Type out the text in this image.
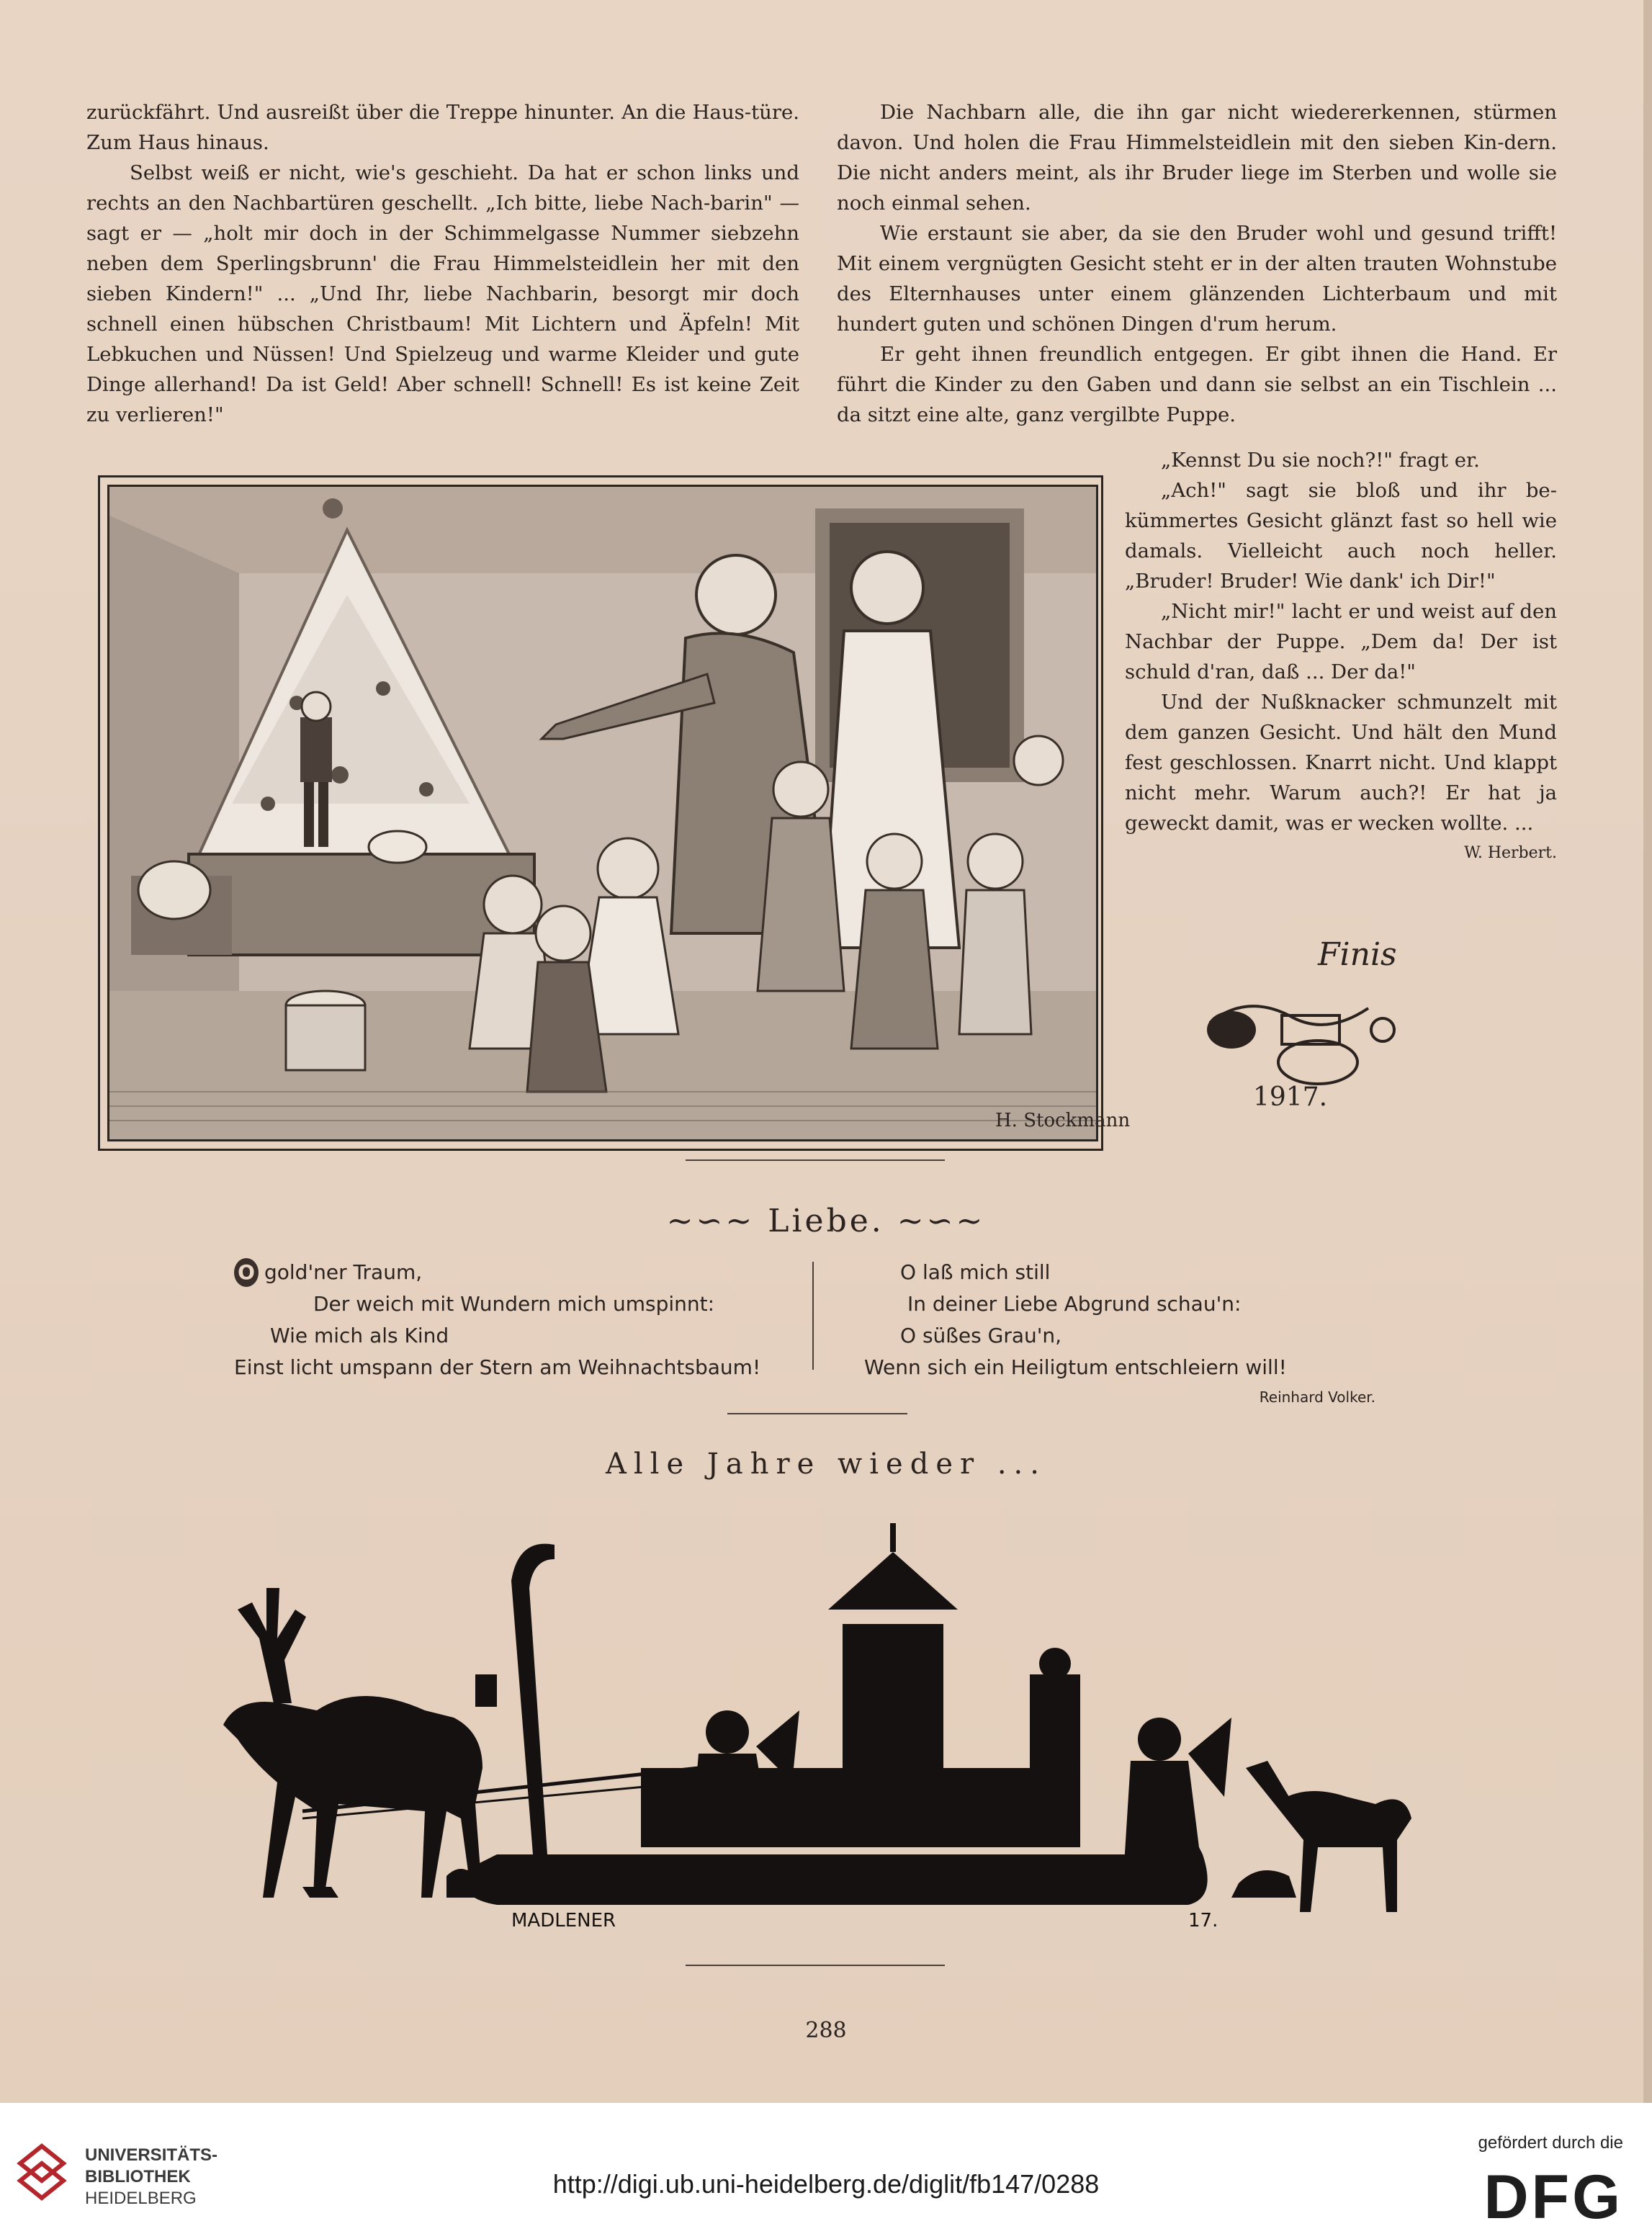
zurückfährt. Und ausreißt über die Treppe hinunter. An die Haus-türe. Zum Haus hinaus.

Selbst weiß er nicht, wie's geschieht. Da hat er schon links und rechts an den Nachbartüren geschellt. „Ich bitte, liebe Nach-barin" — sagt er — „holt mir doch in der Schimmelgasse Nummer siebzehn neben dem Sperlingsbrunn' die Frau Himmelsteidlein her mit den sieben Kindern!" ... „Und Ihr, liebe Nachbarin, besorgt mir doch schnell einen hübschen Christbaum! Mit Lichtern und Äpfeln! Mit Lebkuchen und Nüssen! Und Spielzeug und warme Kleider und gute Dinge allerhand! Da ist Geld! Aber schnell! Schnell! Es ist keine Zeit zu verlieren!"

Die Nachbarn alle, die ihn gar nicht wiedererkennen, stürmen davon. Und holen die Frau Himmelsteidlein mit den sieben Kin-dern. Die nicht anders meint, als ihr Bruder liege im Sterben und wolle sie noch einmal sehen.

Wie erstaunt sie aber, da sie den Bruder wohl und gesund trifft! Mit einem vergnügten Gesicht steht er in der alten trauten Wohnstube des Elternhauses unter einem glänzenden Lichterbaum und mit hundert guten und schönen Dingen d'rum herum.

Er geht ihnen freundlich entgegen. Er gibt ihnen die Hand. Er führt die Kinder zu den Gaben und dann sie selbst an ein Tischlein ... da sitzt eine alte, ganz vergilbte Puppe.

H. Stockmann

„Kennst Du sie noch?!" fragt er.

„Ach!" sagt sie bloß und ihr be-kümmertes Gesicht glänzt fast so hell wie damals. Vielleicht auch noch heller. „Bruder! Bruder! Wie dank' ich Dir!"

„Nicht mir!" lacht er und weist auf den Nachbar der Puppe. „Dem da! Der ist schuld d'ran, daß ... Der da!"

Und der Nußknacker schmunzelt mit dem ganzen Gesicht. Und hält den Mund fest geschlossen. Knarrt nicht. Und klappt nicht mehr. Warum auch?! Er hat ja geweckt damit, was er wecken wollte. ...

W. Herbert.
Finis
1917.
~∽~ Liebe. ~∽~
O gold'ner Traum,
Der weich mit Wundern mich umspinnt:
Wie mich als Kind
Einst licht umspann der Stern am Weihnachtsbaum!
O laß mich still
In deiner Liebe Abgrund schau'n:
O süßes Grau'n,
Wenn sich ein Heiligtum entschleiern will!
Reinhard Volker.
Alle Jahre wieder ...
MADLENER	17.
288
UNIVERSITÄTS-
BIBLIOTHEK
HEIDELBERG	http://digi.ub.uni-heidelberg.de/diglit/fb147/0288
gefördert durch die
DFG
